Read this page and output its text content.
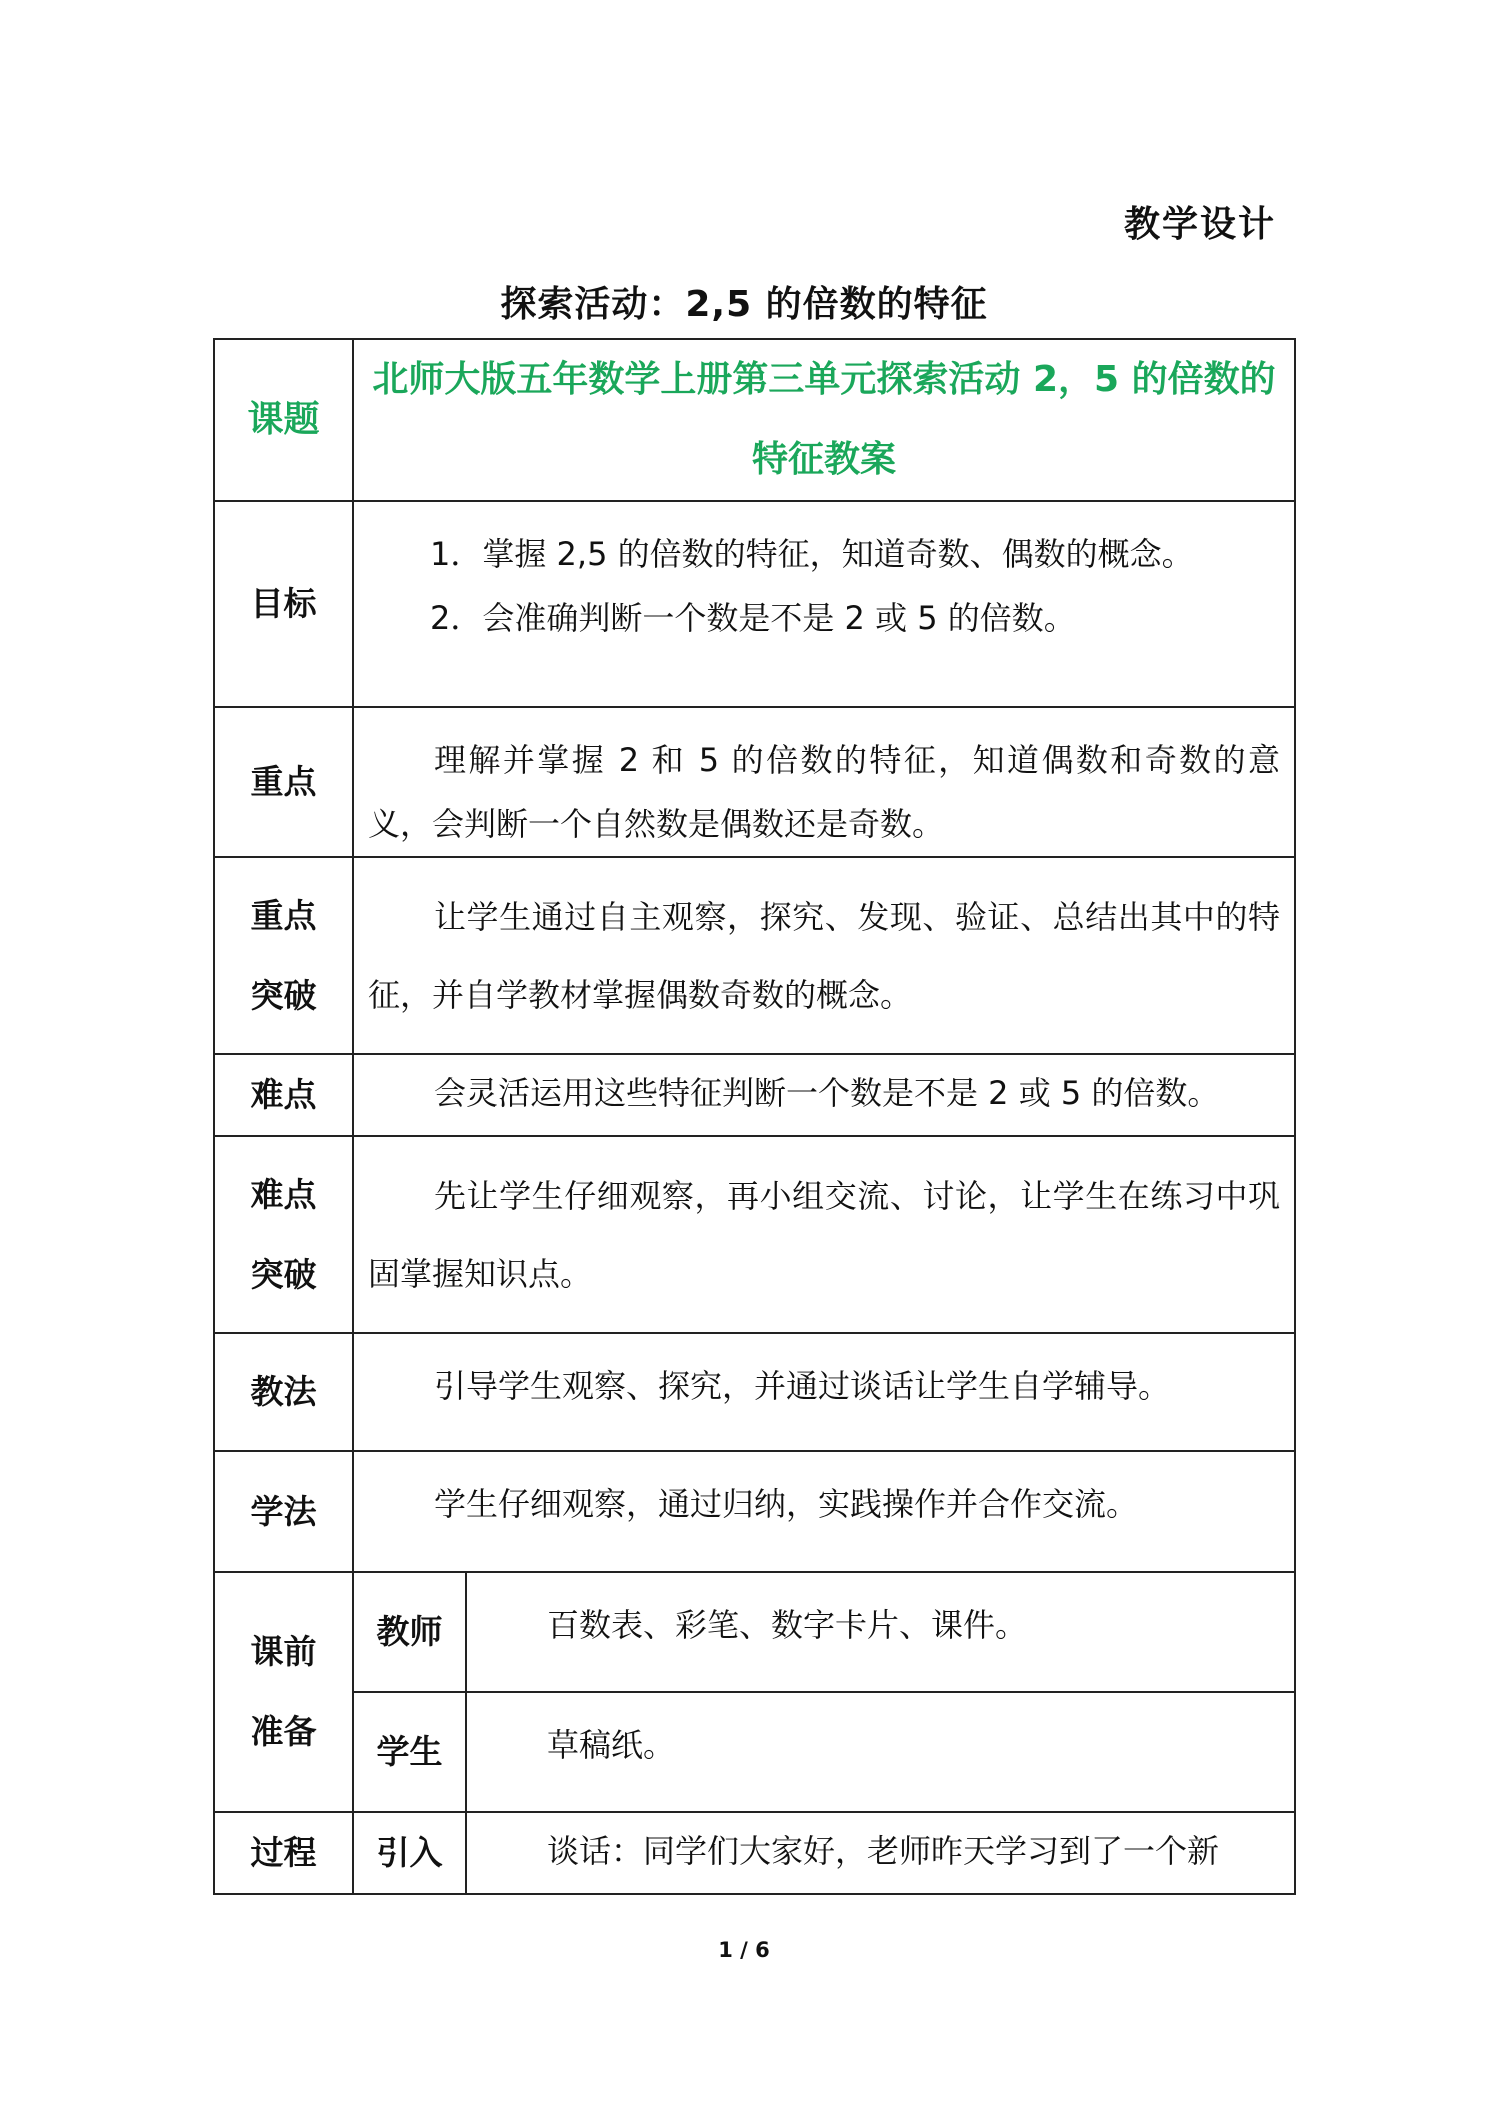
教学设计
探索活动：2,5 的倍数的特征
课题	北师大版五年数学上册第三单元探索活动 2，5 的倍数的特征教案	
目标	1．掌握 2,5 的倍数的特征，知道奇数、偶数的概念。
2．会准确判断一个数是不是 2 或 5 的倍数。	

重点	理解并掌握 2 和 5 的倍数的特征，知道偶数和奇数的意义，会判断一个自然数是偶数还是奇数。	

重点
突破	让学生通过自主观察，探究、发现、验证、总结出其中的特征，并自学教材掌握偶数奇数的概念。	
难点	会灵活运用这些特征判断一个数是不是 2 或 5 的倍数。	

难点
突破	先让学生仔细观察，再小组交流、讨论，让学生在练习中巩固掌握知识点。	
教法	引导学生观察、探究，并通过谈话让学生自学辅导。	
学法	学生仔细观察，通过归纳，实践操作并合作交流。	

课前
准备	教师	百数表、彩笔、数字卡片、课件。
	学生	草稿纸。
过程	引入	谈话：同学们大家好，老师昨天学习到了一个新
1 / 6
